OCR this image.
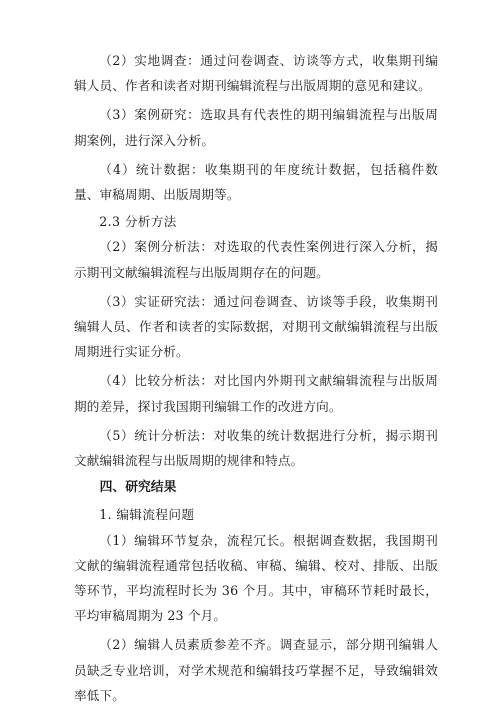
（2）实地调查：通过问卷调查、访谈等方式，收集期刊编辑人员、作者和读者对期刊编辑流程与出版周期的意见和建议。

（3）案例研究：选取具有代表性的期刊编辑流程与出版周期案例，进行深入分析。

（4）统计数据：收集期刊的年度统计数据，包括稿件数量、审稿周期、出版周期等。

2.3 分析方法

（2）案例分析法：对选取的代表性案例进行深入分析，揭示期刊文献编辑流程与出版周期存在的问题。

（3）实证研究法：通过问卷调查、访谈等手段，收集期刊编辑人员、作者和读者的实际数据，对期刊文献编辑流程与出版周期进行实证分析。

（4）比较分析法：对比国内外期刊文献编辑流程与出版周期的差异，探讨我国期刊编辑工作的改进方向。

（5）统计分析法：对收集的统计数据进行分析，揭示期刊文献编辑流程与出版周期的规律和特点。

四、研究结果
1. 编辑流程问题

（1）编辑环节复杂，流程冗长。根据调查数据，我国期刊文献的编辑流程通常包括收稿、审稿、编辑、校对、排版、出版等环节，平均流程时长为 36 个月。其中，审稿环节耗时最长，平均审稿周期为 23 个月。

（2）编辑人员素质参差不齐。调查显示，部分期刊编辑人员缺乏专业培训，对学术规范和编辑技巧掌握不足，导致编辑效率低下。
